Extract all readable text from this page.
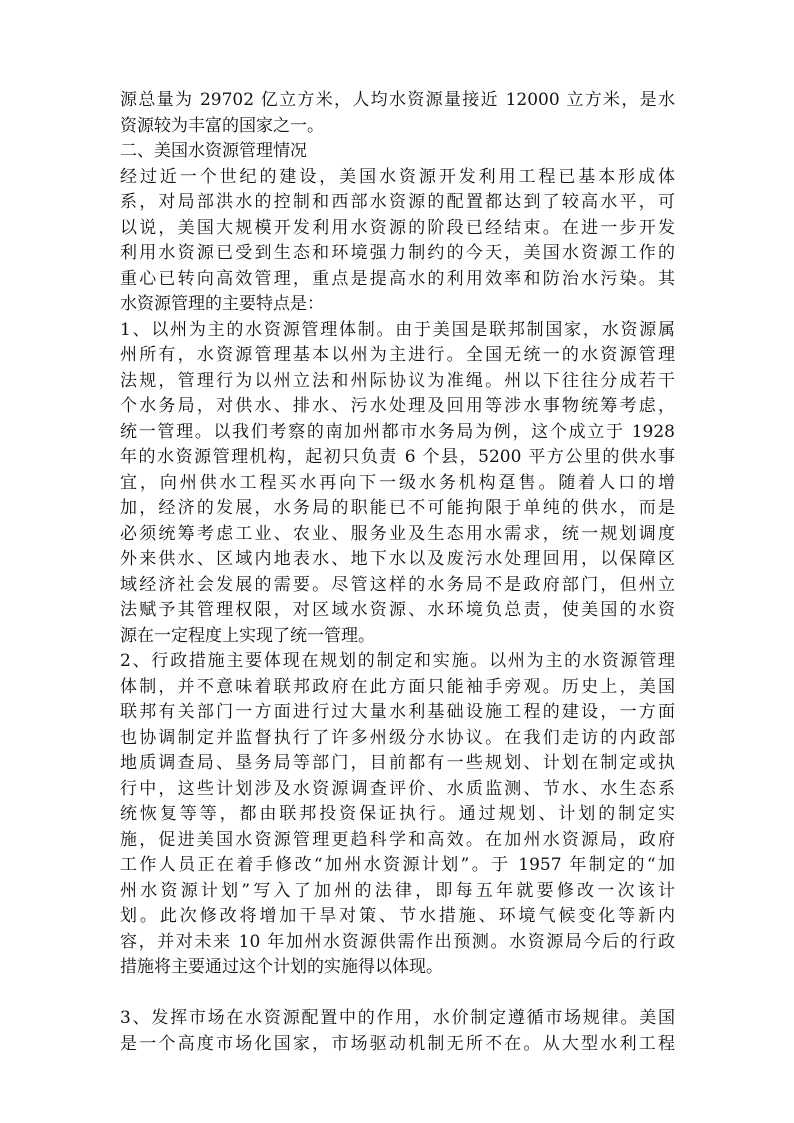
源总量为 29702 亿立方米，人均水资源量接近 12000 立方米，是水
资源较为丰富的国家之一。
二、美国水资源管理情况
经过近一个世纪的建设，美国水资源开发利用工程已基本形成体
系，对局部洪水的控制和西部水资源的配置都达到了较高水平，可
以说，美国大规模开发利用水资源的阶段已经结束。在进一步开发
利用水资源已受到生态和环境强力制约的今天，美国水资源工作的
重心已转向高效管理，重点是提高水的利用效率和防治水污染。其
水资源管理的主要特点是：
1、以州为主的水资源管理体制。由于美国是联邦制国家，水资源属
州所有，水资源管理基本以州为主进行。全国无统一的水资源管理
法规，管理行为以州立法和州际协议为准绳。州以下往往分成若干
个水务局，对供水、排水、污水处理及回用等涉水事物统筹考虑，
统一管理。以我们考察的南加州都市水务局为例，这个成立于 1928
年的水资源管理机构，起初只负责 6 个县，5200 平方公里的供水事
宜，向州供水工程买水再向下一级水务机构趸售。随着人口的增
加，经济的发展，水务局的职能已不可能拘限于单纯的供水，而是
必须统筹考虑工业、农业、服务业及生态用水需求，统一规划调度
外来供水、区域内地表水、地下水以及废污水处理回用，以保障区
域经济社会发展的需要。尽管这样的水务局不是政府部门，但州立
法赋予其管理权限，对区域水资源、水环境负总责，使美国的水资
源在一定程度上实现了统一管理。
2、行政措施主要体现在规划的制定和实施。以州为主的水资源管理
体制，并不意味着联邦政府在此方面只能袖手旁观。历史上，美国
联邦有关部门一方面进行过大量水利基础设施工程的建设，一方面
也协调制定并监督执行了许多州级分水协议。在我们走访的内政部
地质调查局、垦务局等部门，目前都有一些规划、计划在制定或执
行中，这些计划涉及水资源调查评价、水质监测、节水、水生态系
统恢复等等，都由联邦投资保证执行。通过规划、计划的制定实
施，促进美国水资源管理更趋科学和高效。在加州水资源局，政府
工作人员正在着手修改“加州水资源计划”。于 1957 年制定的“加
州水资源计划”写入了加州的法律，即每五年就要修改一次该计
划。此次修改将增加干旱对策、节水措施、环境气候变化等新内
容，并对未来 10 年加州水资源供需作出预测。水资源局今后的行政
措施将主要通过这个计划的实施得以体现。
3、发挥市场在水资源配置中的作用，水价制定遵循市场规律。美国
是一个高度市场化国家，市场驱动机制无所不在。从大型水利工程
